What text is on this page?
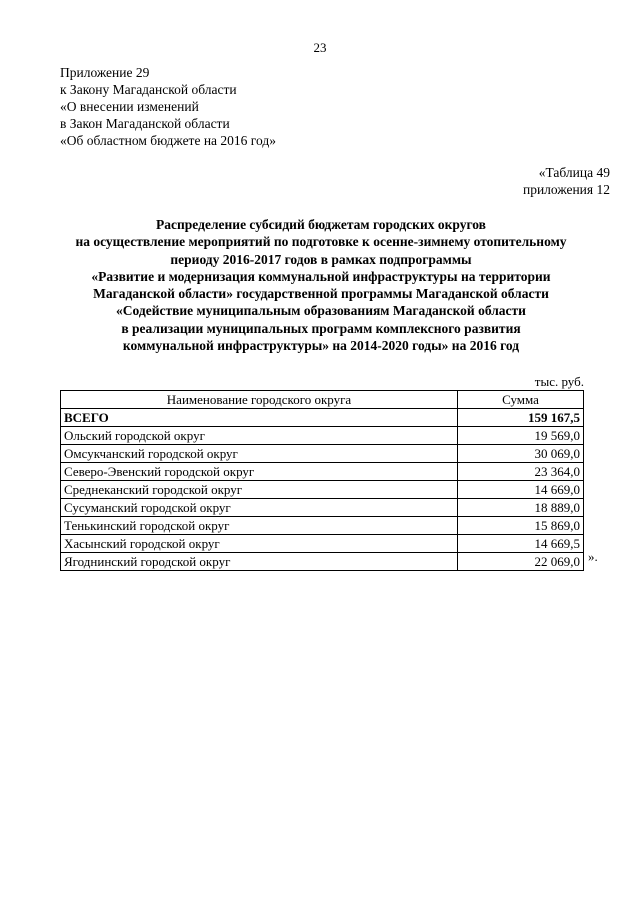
23
Приложение 29
к Закону Магаданской области
«О внесении изменений
в Закон Магаданской области
«Об областном бюджете на 2016 год»
«Таблица 49
приложения 12
Распределение субсидий бюджетам городских округов
на осуществление мероприятий по подготовке к осенне-зимнему отопительному
периоду 2016-2017 годов в рамках подпрограммы
«Развитие и модернизация коммунальной инфраструктуры на территории
Магаданской области» государственной программы Магаданской области
«Содействие муниципальным образованиям Магаданской области
в реализации муниципальных программ комплексного развития
коммунальной инфраструктуры» на 2014-2020 годы» на 2016 год
тыс. руб.
Наименование городского округа	Сумма
ВСЕГО	159 167,5
Ольский городской округ	19 569,0
Омсукчанский городской округ	30 069,0
Северо-Эвенский городской округ	23 364,0
Среднеканский городской округ	14 669,0
Сусуманский городской округ	18 889,0
Тенькинский городской округ	15 869,0
Хасынский городской округ	14 669,5
Ягоднинский городской округ	22 069,0 ».
